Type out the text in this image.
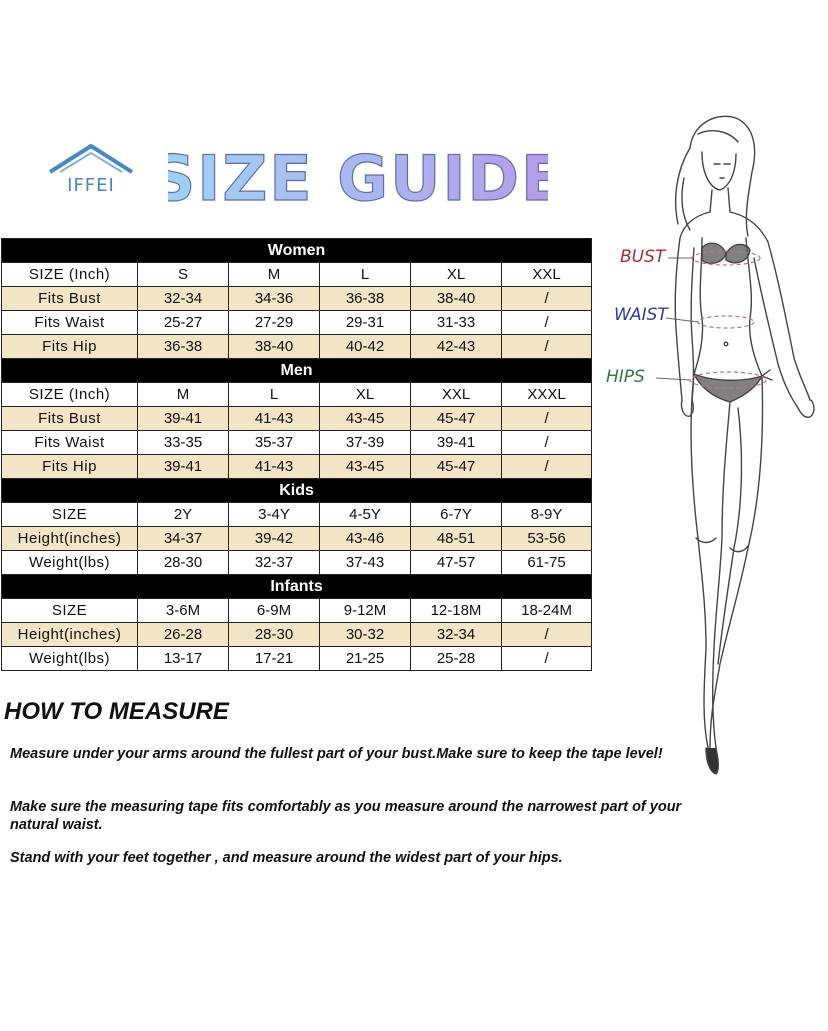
IFFEI SIZE GUIDE
Women					
SIZE (Inch)	S	M	L	XL	XXL
Fits Bust	32-34	34-36	36-38	38-40	/
Fits Waist	25-27	27-29	29-31	31-33	/
Fits Hip	36-38	38-40	40-42	42-43	/
Men					
SIZE (Inch)	M	L	XL	XXL	XXXL
Fits Bust	39-41	41-43	43-45	45-47	/
Fits Waist	33-35	35-37	37-39	39-41	/
Fits Hip	39-41	41-43	43-45	45-47	/
Kids					
SIZE	2Y	3-4Y	4-5Y	6-7Y	8-9Y
Height(inches)	34-37	39-42	43-46	48-51	53-56
Weight(lbs)	28-30	32-37	37-43	47-57	61-75
Infants					
SIZE	3-6M	6-9M	9-12M	12-18M	18-24M
Height(inches)	26-28	28-30	30-32	32-34	/
Weight(lbs)	13-17	17-21	21-25	25-28	/
BUST
WAIST
HIPS
HOW TO MEASURE

Measure under your arms around the fullest part of your bust.Make sure to keep the tape level!

Make sure the measuring tape fits comfortably as you measure around the narrowest part of your natural waist.

Stand with your feet together , and measure around the widest part of your hips.
